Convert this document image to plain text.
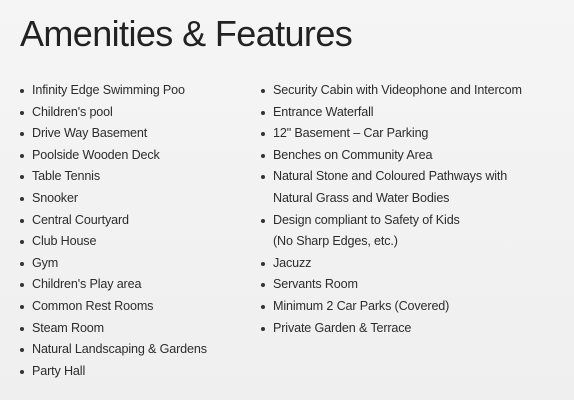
Amenities & Features
Infinity Edge Swimming Poo
Children's pool
Drive Way Basement
Poolside Wooden Deck
Table Tennis
Snooker
Central Courtyard
Club House
Gym
Children's Play area
Common Rest Rooms
Steam Room
Natural Landscaping & Gardens
Party Hall
Security Cabin with Videophone and Intercom
Entrance Waterfall
12" Basement – Car Parking
Benches on Community Area
Natural Stone and Coloured Pathways with
Natural Grass and Water Bodies
Design compliant to Safety of Kids
(No Sharp Edges, etc.)
Jacuzz
Servants Room
Minimum 2 Car Parks (Covered)
Private Garden & Terrace
